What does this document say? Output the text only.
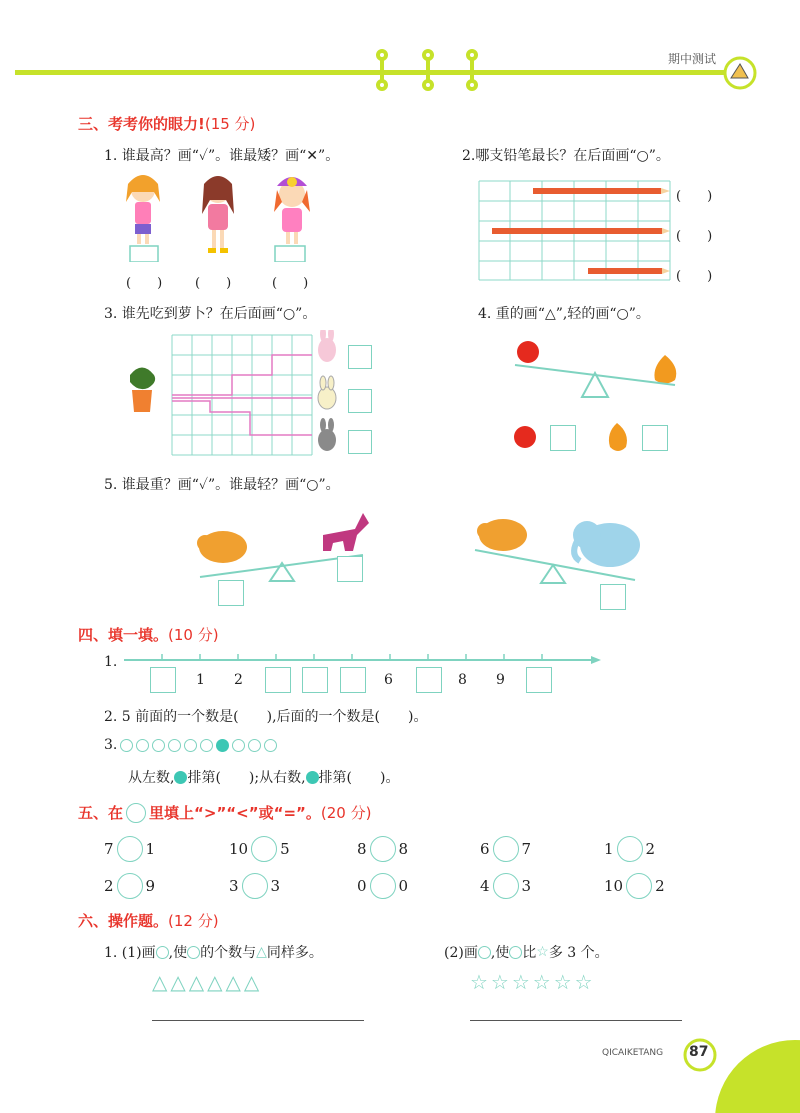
期中测试
三、考考你的眼力!(15 分)
1. 谁最高？画“✓”。谁最矮？画“✕”。	2.哪支铅笔最长？在后面画“○”。
(　　)	(　　)	(　　)
(　　)
(　　)
(　　)
3. 谁先吃到萝卜？在后面画“○”。	4. 重的画“△”,轻的画“○”。
5. 谁最重？画“✓”。谁最轻？画“○”。
四、填一填。(10 分)
1.
1 2	6	8 9
2. 5 前面的一个数是(　　),后面的一个数是(　　)。
3.
从左数, 排第(　　);从右数, 排第(　　)。
五、在 里填上“>”“<”或“=”。 (20 分)
7 1	10 5	8 8	6 7	1 2
2 9	3 3	0 0	4 3	10 2
六、操作题。(12 分)
1. (1)画 ,使 的个数与 △ 同样多。	(2)画 ,使 比 ☆ 多 3 个。
△△△△△△	☆☆☆☆☆☆
QICAIKETANG 87
